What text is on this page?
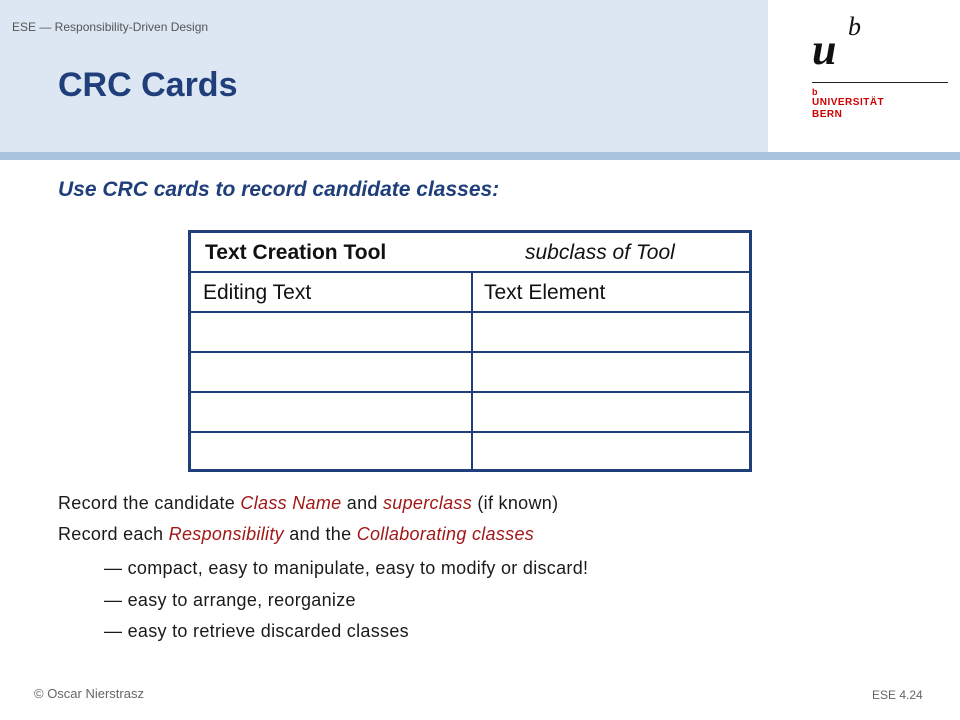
ESE — Responsibility-Driven Design
CRC Cards
u b
b
UNIVERSITÄT
BERN
Use CRC cards to record candidate classes:
Text Creation Tool	subclass of Tool
Editing Text	Text Element
Record the candidate Class Name and superclass (if known)
Record each Responsibility and the Collaborating classes
— compact, easy to manipulate, easy to modify or discard!
— easy to arrange, reorganize
— easy to retrieve discarded classes
© Oscar Nierstrasz	ESE 4.24
